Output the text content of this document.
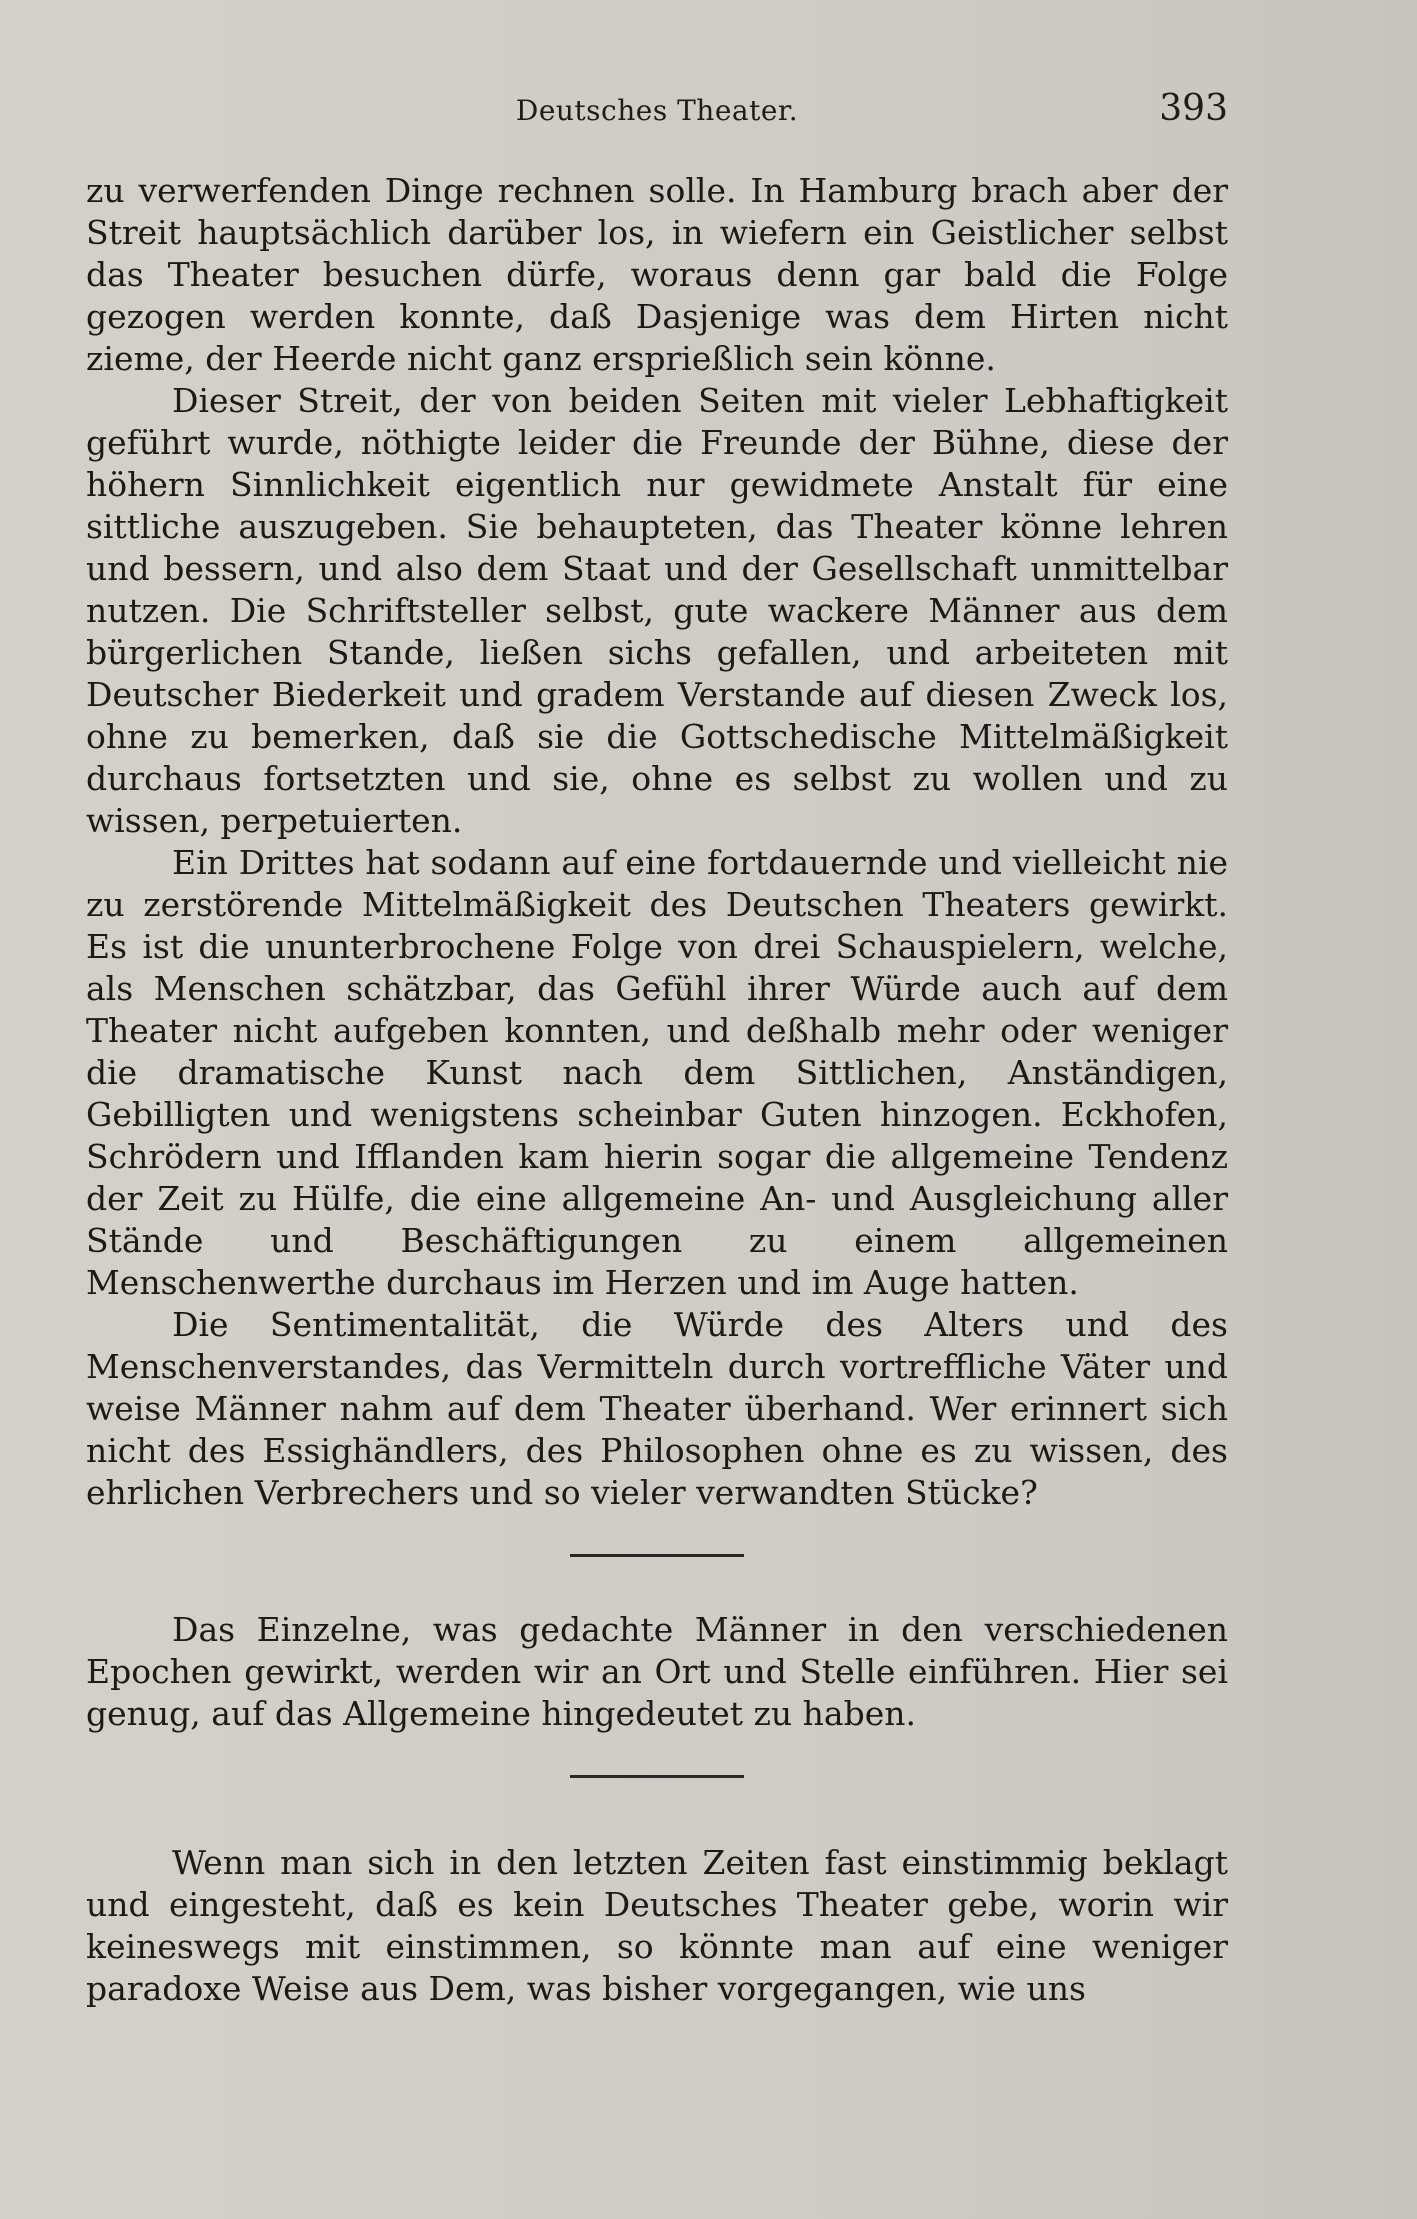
Deutsches Theater.	393

zu verwerfenden Dinge rechnen solle. In Hamburg brach aber der Streit hauptsächlich darüber los, in wiefern ein Geistlicher selbst das Theater besuchen dürfe, woraus denn gar bald die Folge gezogen werden konnte, daß Dasjenige was dem Hirten nicht zieme, der Heerde nicht ganz ersprießlich sein könne.

Dieser Streit, der von beiden Seiten mit vieler Lebhaftigkeit geführt wurde, nöthigte leider die Freunde der Bühne, diese der höhern Sinnlichkeit eigentlich nur gewidmete Anstalt für eine sittliche auszugeben. Sie behaupteten, das Theater könne lehren und bessern, und also dem Staat und der Gesellschaft unmittelbar nutzen. Die Schriftsteller selbst, gute wackere Männer aus dem bürgerlichen Stande, ließen sichs gefallen, und arbeiteten mit Deutscher Biederkeit und gradem Verstande auf diesen Zweck los, ohne zu bemerken, daß sie die Gottschedische Mittelmäßigkeit durchaus fortsetzten und sie, ohne es selbst zu wollen und zu wissen, perpetuierten.

Ein Drittes hat sodann auf eine fortdauernde und vielleicht nie zu zerstörende Mittelmäßigkeit des Deutschen Theaters gewirkt. Es ist die ununterbrochene Folge von drei Schauspielern, welche, als Menschen schätzbar, das Gefühl ihrer Würde auch auf dem Theater nicht aufgeben konnten, und deßhalb mehr oder weniger die dramatische Kunst nach dem Sittlichen, Anständigen, Gebilligten und wenigstens scheinbar Guten hinzogen. Eckhofen, Schrödern und Ifflanden kam hierin sogar die allgemeine Tendenz der Zeit zu Hülfe, die eine allgemeine An- und Ausgleichung aller Stände und Beschäftigungen zu einem allgemeinen Menschenwerthe durchaus im Herzen und im Auge hatten.

Die Sentimentalität, die Würde des Alters und des Menschenverstandes, das Vermitteln durch vortreffliche Väter und weise Männer nahm auf dem Theater überhand. Wer erinnert sich nicht des Essighändlers, des Philosophen ohne es zu wissen, des ehrlichen Verbrechers und so vieler verwandten Stücke?

Das Einzelne, was gedachte Männer in den verschiedenen Epochen gewirkt, werden wir an Ort und Stelle einführen. Hier sei genug, auf das Allgemeine hingedeutet zu haben.

Wenn man sich in den letzten Zeiten fast einstimmig beklagt und eingesteht, daß es kein Deutsches Theater gebe, worin wir keineswegs mit einstimmen, so könnte man auf eine weniger paradoxe Weise aus Dem, was bisher vorgegangen, wie uns
